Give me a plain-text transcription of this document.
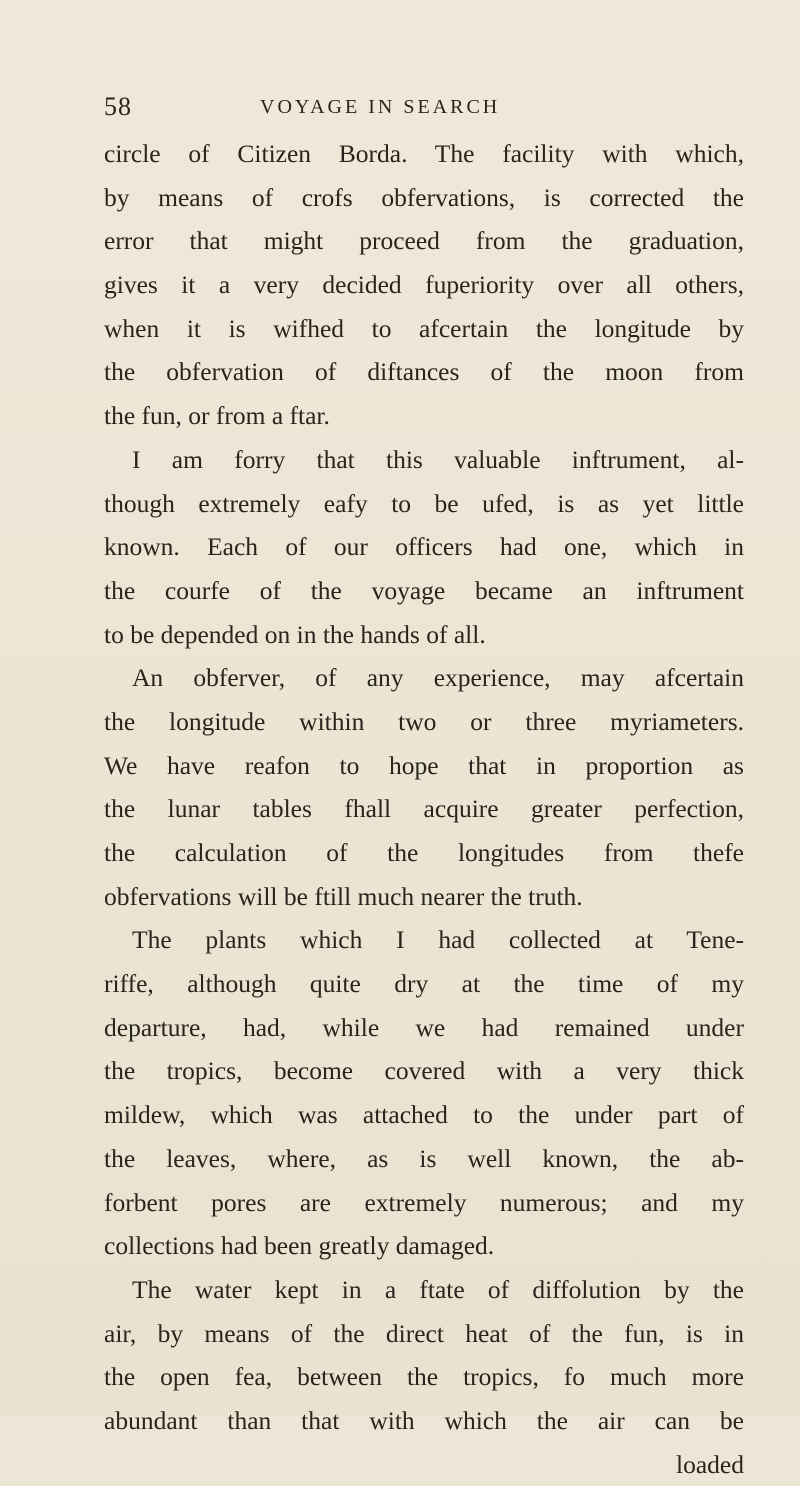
58	VOYAGE IN SEARCH
circle of Citizen Borda. The facility with which,
by means of crofs obfervations, is corrected the
error that might proceed from the graduation,
gives it a very decided fuperiority over all others,
when it is wifhed to afcertain the longitude by
the obfervation of diftances of the moon from
the fun, or from a ftar.
I am forry that this valuable inftrument, al-
though extremely eafy to be ufed, is as yet little
known. Each of our officers had one, which in
the courfe of the voyage became an inftrument
to be depended on in the hands of all.
An obferver, of any experience, may afcertain
the longitude within two or three myriameters.
We have reafon to hope that in proportion as
the lunar tables fhall acquire greater perfection,
the calculation of the longitudes from thefe
obfervations will be ftill much nearer the truth.
The plants which I had collected at Tene-
riffe, although quite dry at the time of my
departure, had, while we had remained under
the tropics, become covered with a very thick
mildew, which was attached to the under part of
the leaves, where, as is well known, the ab-
forbent pores are extremely numerous; and my
collections had been greatly damaged.
The water kept in a ftate of diffolution by the
air, by means of the direct heat of the fun, is in
the open fea, between the tropics, fo much more
abundant than that with which the air can be
loaded
